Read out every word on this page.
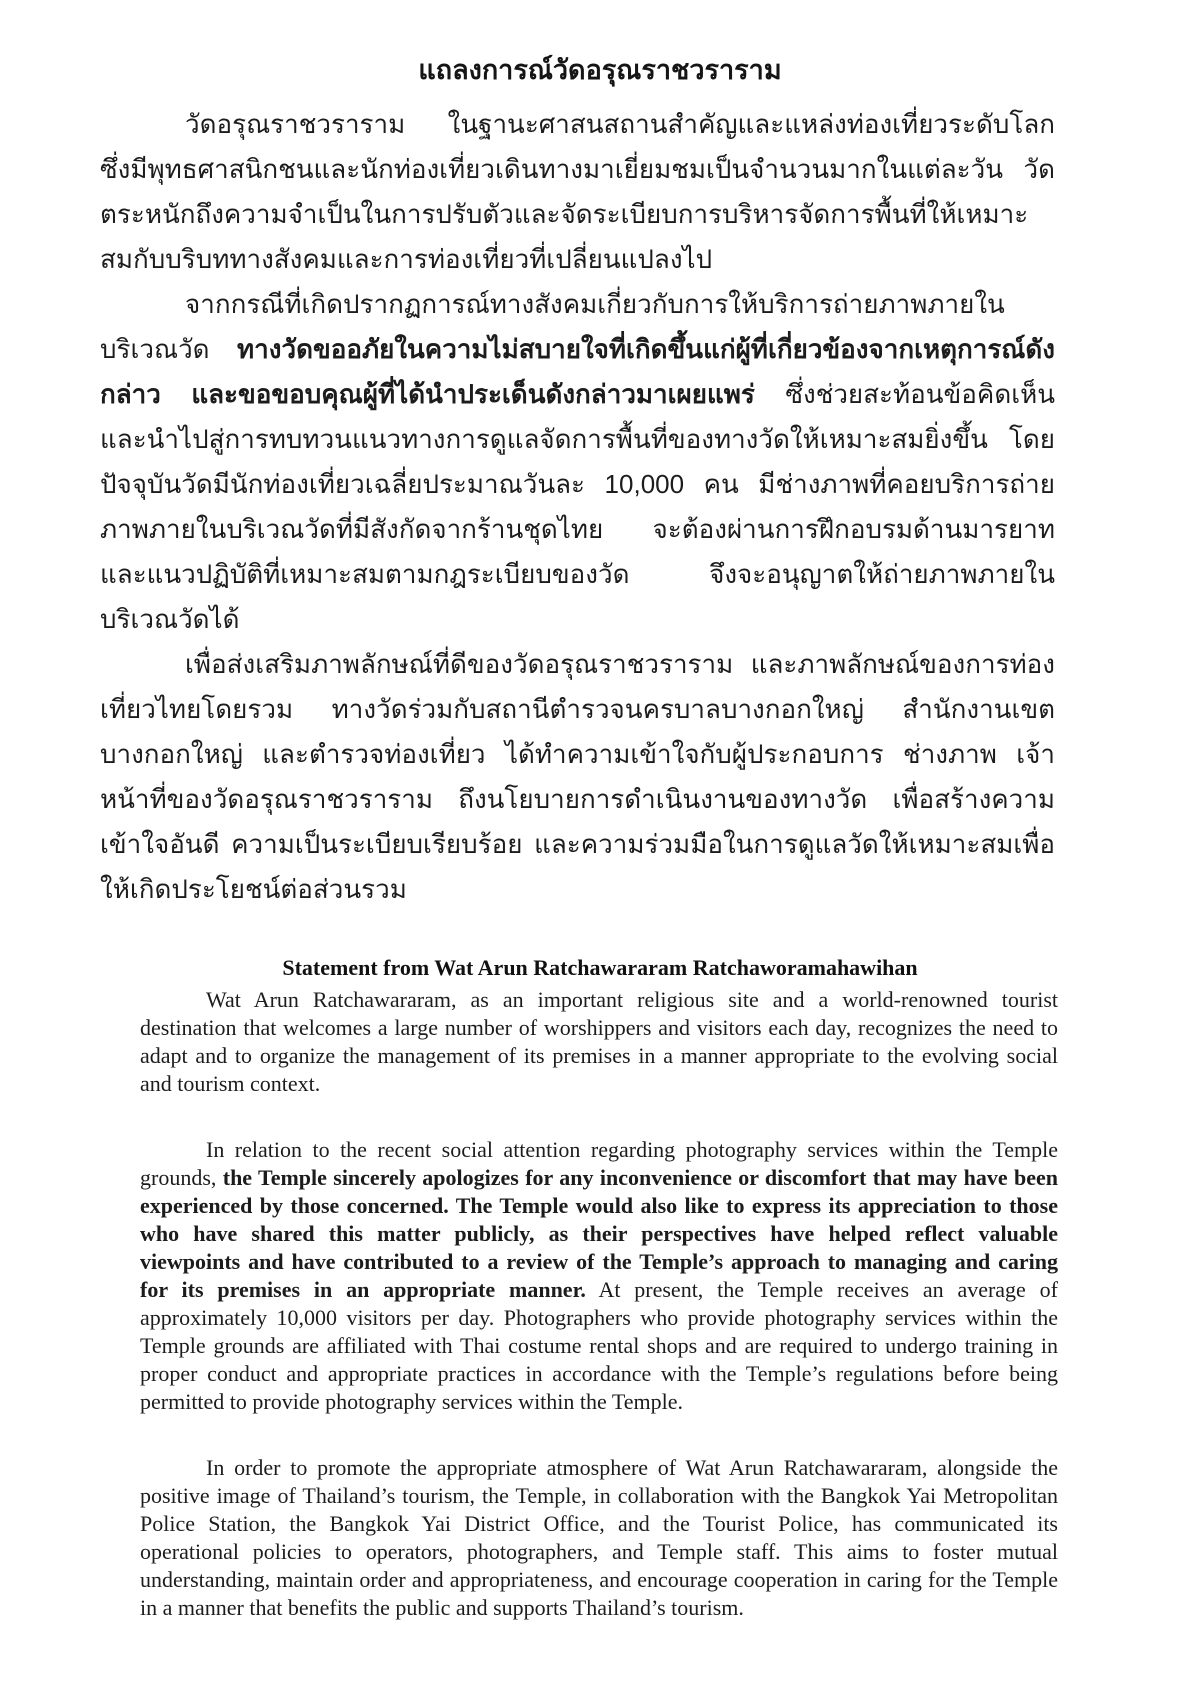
แถลงการณ์วัดอรุณราชวราราม

วัดอรุณราชวราราม ในฐานะศาสนสถานสำคัญและแหล่งท่องเที่ยวระดับโลก ซึ่งมีพุทธศาสนิกชนและนักท่องเที่ยวเดินทางมาเยี่ยมชมเป็นจำนวนมากในแต่ละวัน วัดตระหนักถึงความจำเป็นในการปรับตัวและจัดระเบียบการบริหารจัดการพื้นที่ให้เหมาะสมกับบริบททางสังคมและการท่องเที่ยวที่เปลี่ยนแปลงไป

จากกรณีที่เกิดปรากฏการณ์ทางสังคมเกี่ยวกับการให้บริการถ่ายภาพภายในบริเวณวัด ทางวัดขออภัยในความไม่สบายใจที่เกิดขึ้นแก่ผู้ที่เกี่ยวข้องจากเหตุการณ์ดังกล่าว และขอขอบคุณผู้ที่ได้นำประเด็นดังกล่าวมาเผยแพร่ ซึ่งช่วยสะท้อนข้อคิดเห็นและนำไปสู่การทบทวนแนวทางการดูแลจัดการพื้นที่ของทางวัดให้เหมาะสมยิ่งขึ้น โดยปัจจุบันวัดมีนักท่องเที่ยวเฉลี่ยประมาณวันละ 10,000 คน มีช่างภาพที่คอยบริการถ่ายภาพภายในบริเวณวัดที่มีสังกัดจากร้านชุดไทย จะต้องผ่านการฝึกอบรมด้านมารยาทและแนวปฏิบัติที่เหมาะสมตามกฎระเบียบของวัด จึงจะอนุญาตให้ถ่ายภาพภายในบริเวณวัดได้

เพื่อส่งเสริมภาพลักษณ์ที่ดีของวัดอรุณราชวราราม และภาพลักษณ์ของการท่องเที่ยวไทยโดยรวม ทางวัดร่วมกับสถานีตำรวจนครบาลบางกอกใหญ่ สำนักงานเขตบางกอกใหญ่ และตำรวจท่องเที่ยว ได้ทำความเข้าใจกับผู้ประกอบการ ช่างภาพ เจ้าหน้าที่ของวัดอรุณราชวราราม ถึงนโยบายการดำเนินงานของทางวัด เพื่อสร้างความเข้าใจอันดี ความเป็นระเบียบเรียบร้อย และความร่วมมือในการดูแลวัดให้เหมาะสมเพื่อให้เกิดประโยชน์ต่อส่วนรวม

Statement from Wat Arun Ratchawararam Ratchaworamahawihan

Wat Arun Ratchawararam, as an important religious site and a world-renowned tourist destination that welcomes a large number of worshippers and visitors each day, recognizes the need to adapt and to organize the management of its premises in a manner appropriate to the evolving social and tourism context.

In relation to the recent social attention regarding photography services within the Temple grounds, the Temple sincerely apologizes for any inconvenience or discomfort that may have been experienced by those concerned. The Temple would also like to express its appreciation to those who have shared this matter publicly, as their perspectives have helped reflect valuable viewpoints and have contributed to a review of the Temple’s approach to managing and caring for its premises in an appropriate manner. At present, the Temple receives an average of approximately 10,000 visitors per day. Photographers who provide photography services within the Temple grounds are affiliated with Thai costume rental shops and are required to undergo training in proper conduct and appropriate practices in accordance with the Temple’s regulations before being permitted to provide photography services within the Temple.

In order to promote the appropriate atmosphere of Wat Arun Ratchawararam, alongside the positive image of Thailand’s tourism, the Temple, in collaboration with the Bangkok Yai Metropolitan Police Station, the Bangkok Yai District Office, and the Tourist Police, has communicated its operational policies to operators, photographers, and Temple staff. This aims to foster mutual understanding, maintain order and appropriateness, and encourage cooperation in caring for the Temple in a manner that benefits the public and supports Thailand’s tourism.
